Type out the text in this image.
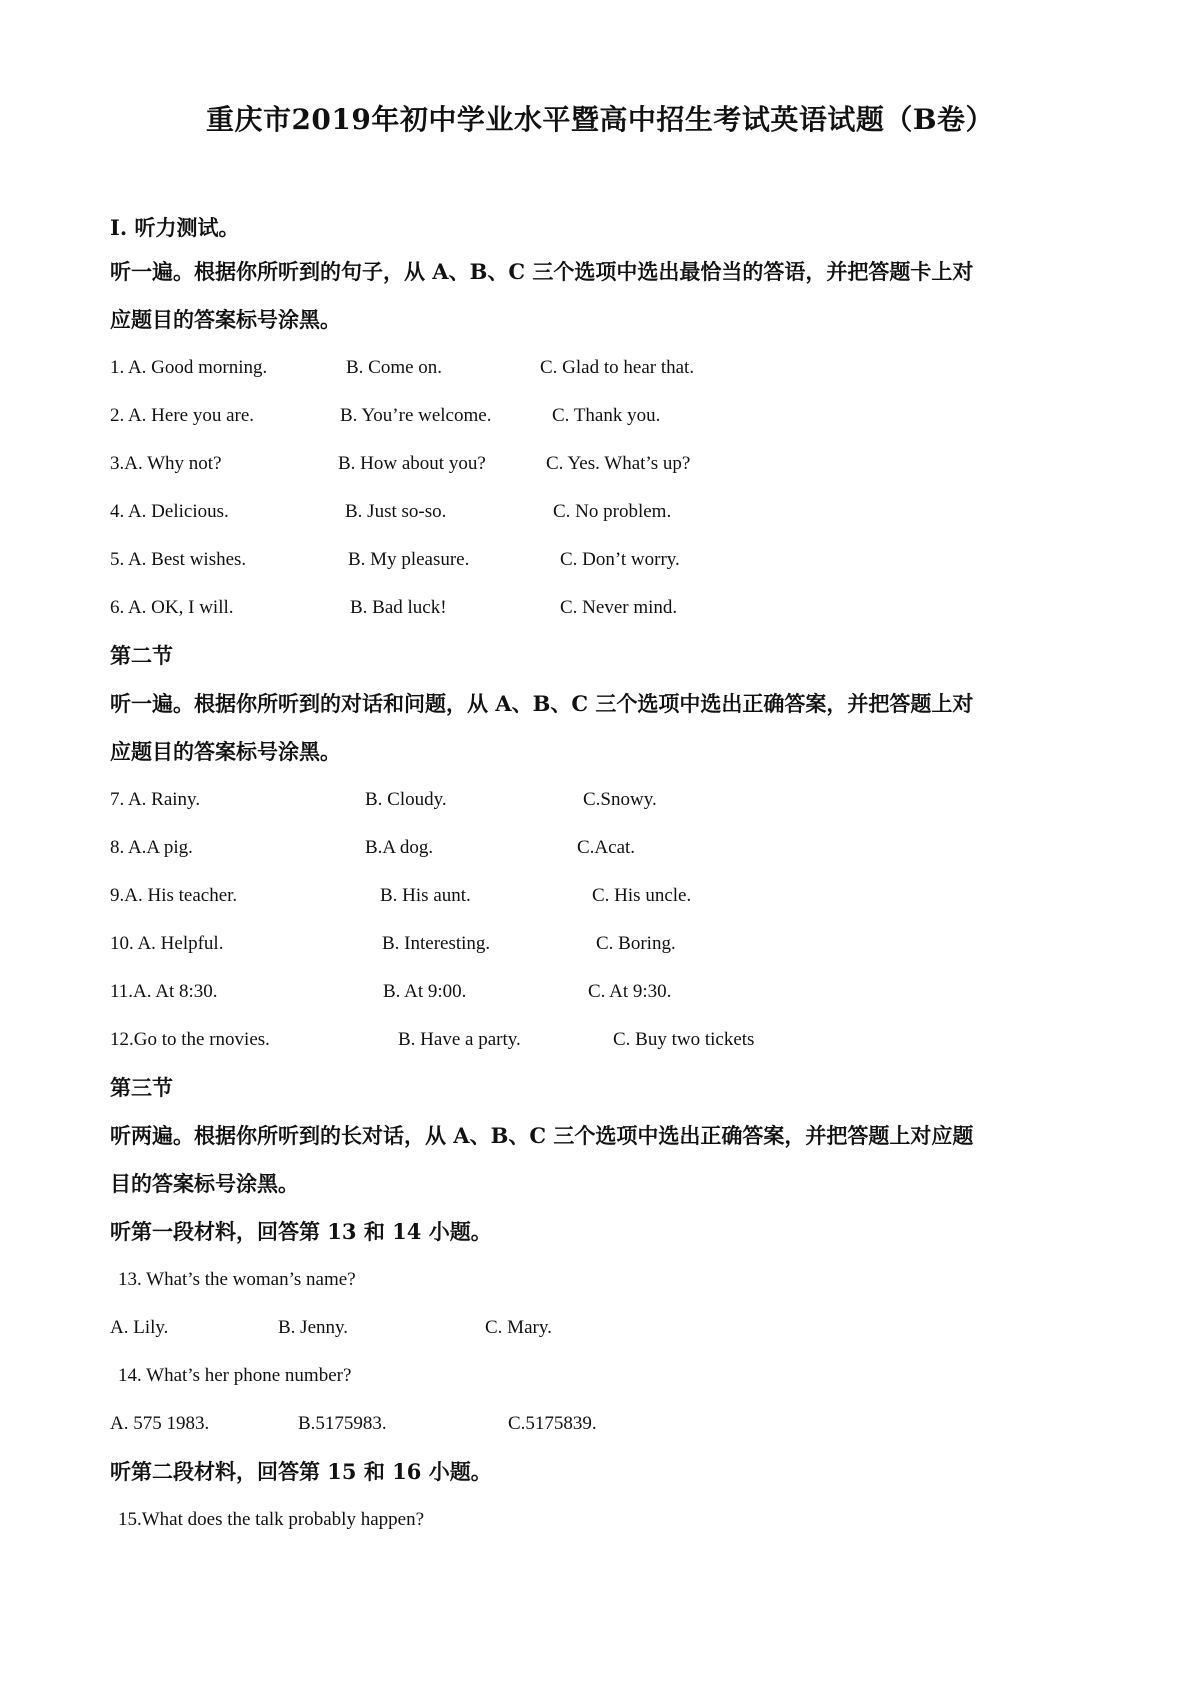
重庆市2019年初中学业水平暨高中招生考试英语试题（B卷）
I. 听力测试。
听一遍。根据你所听到的句子，从 A、B、C 三个选项中选出最恰当的答语，并把答题卡上对
应题目的答案标号涂黑。
1. A. Good morning.	B. Come on.	C. Glad to hear that.
2. A. Here you are.	B. You’re welcome.	C. Thank you.
3.A. Why not?	B. How about you?	C. Yes. What’s up?
4. A. Delicious.	B. Just so-so.	C. No problem.
5. A. Best wishes.	B. My pleasure.	C. Don’t worry.
6. A. OK, I will.	B. Bad luck!	C. Never mind.
第二节
听一遍。根据你所听到的对话和问题，从 A、B、C 三个选项中选出正确答案，并把答题上对
应题目的答案标号涂黑。
7. A. Rainy.	B. Cloudy.	C.Snowy.
8. A.A pig.	B.A dog.	C.Acat.
9.A. His teacher.	B. His aunt.	C. His uncle.
10. A. Helpful.	B. Interesting.	C. Boring.
11.A. At 8:30.	B. At 9:00.	C. At 9:30.
12.Go to the rnovies.	B. Have a party.	C. Buy two tickets
第三节
听两遍。根据你所听到的长对话，从 A、B、C 三个选项中选出正确答案，并把答题上对应题
目的答案标号涂黑。
听第一段材料，回答第 13 和 14 小题。
13. What’s the woman’s name?
A. Lily.	B. Jenny.	C. Mary.
14. What’s her phone number?
A. 575 1983.	B.5175983.	C.5175839.
听第二段材料，回答第 15 和 16 小题。
15.What does the talk probably happen?
